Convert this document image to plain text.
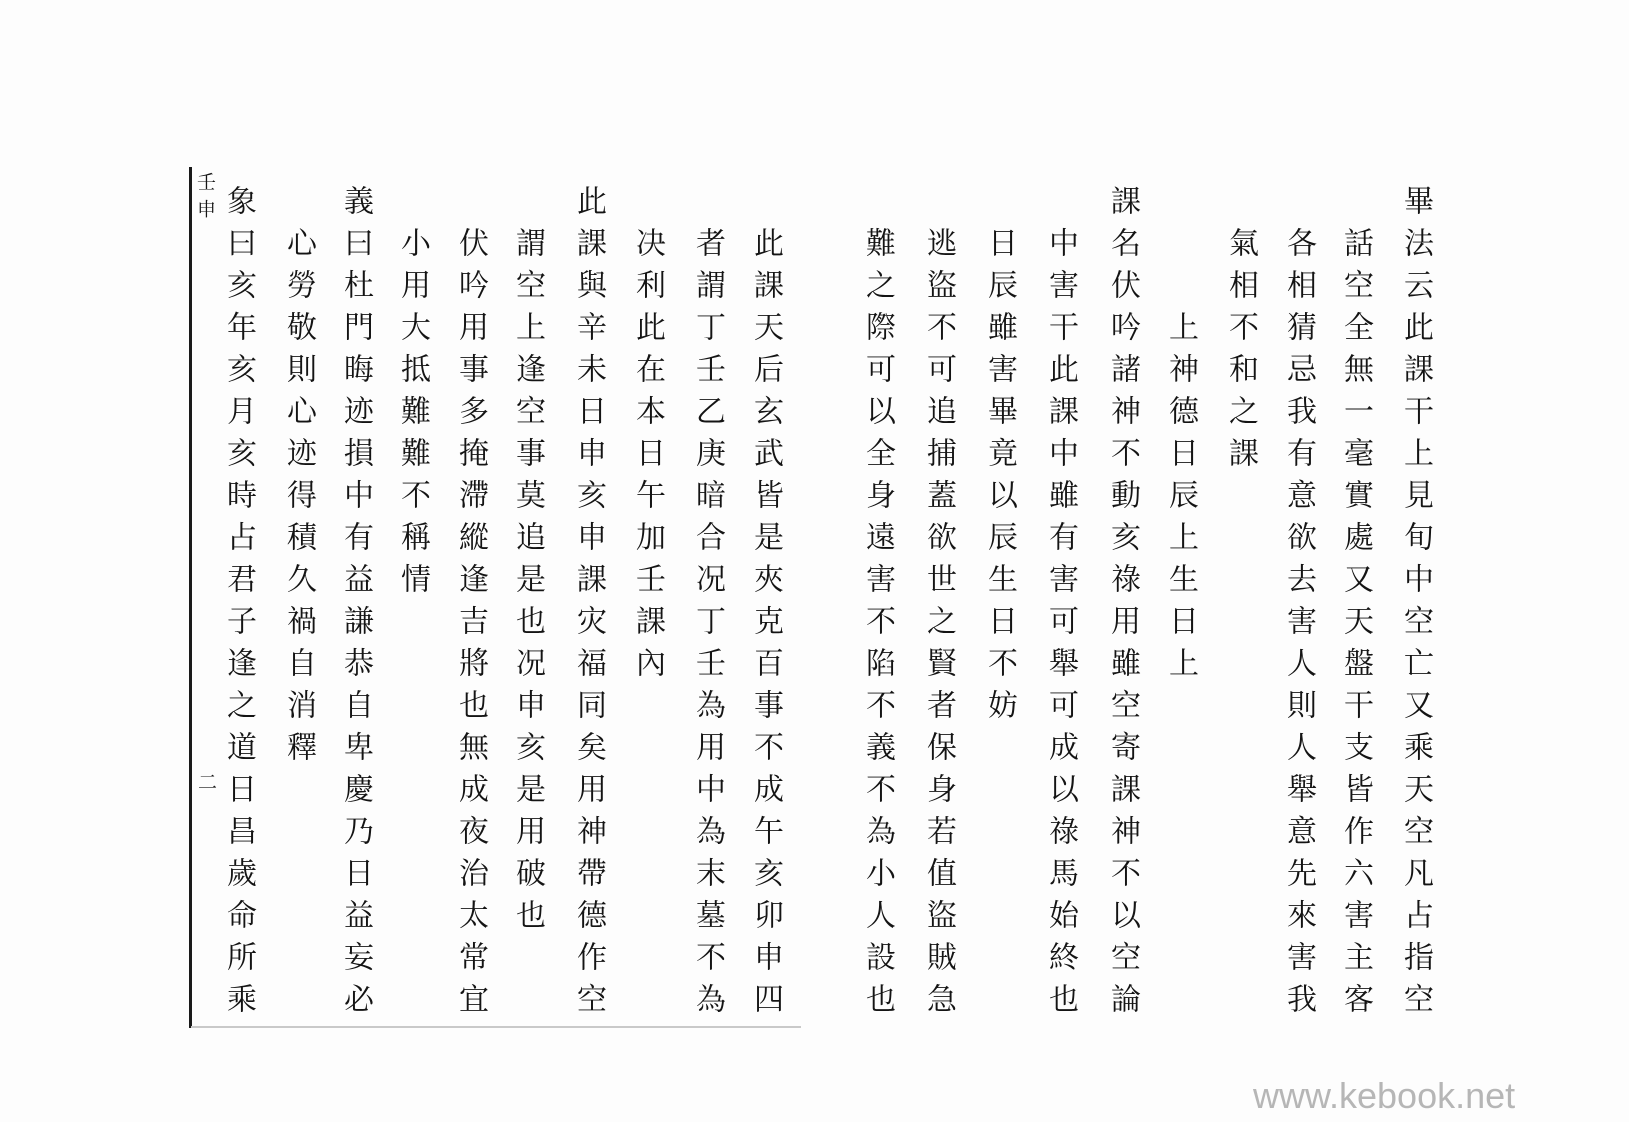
畢法云此課干上見旬中空亡又乘天空凡占指空
話空全無一毫實處又天盤干支皆作六害主客
各相猜忌我有意欲去害人則人舉意先來害我
氣相不和之課
上神德日辰上生日上
課名伏吟諸神不動亥祿用雖空寄課神不以空論
中害干此課中雖有害可舉可成以祿馬始終也
日辰雖害畢竟以辰生日不妨
逃盜不可追捕蓋欲世之賢者保身若值盜賊急
難之際可以全身遠害不陷不義不為小人設也
此課天后玄武皆是夾克百事不成午亥卯申四
者謂丁壬乙庚暗合况丁壬為用中為末墓不為
决利此在本日午加壬課內
此課與辛未日申亥申課灾福同矣用神帶德作空
謂空上逢空事莫追是也况申亥是用破也
伏吟用事多掩滯縱逢吉將也無成夜治太常宜
小用大抵難難不稱情
義曰杜門晦迹損中有益謙恭自卑慶乃日益妄必
心勞敬則心迹得積久禍自消釋
象曰亥年亥月亥時占君子逢之道日昌歲命所乘
壬申
二
www.kebook.net
